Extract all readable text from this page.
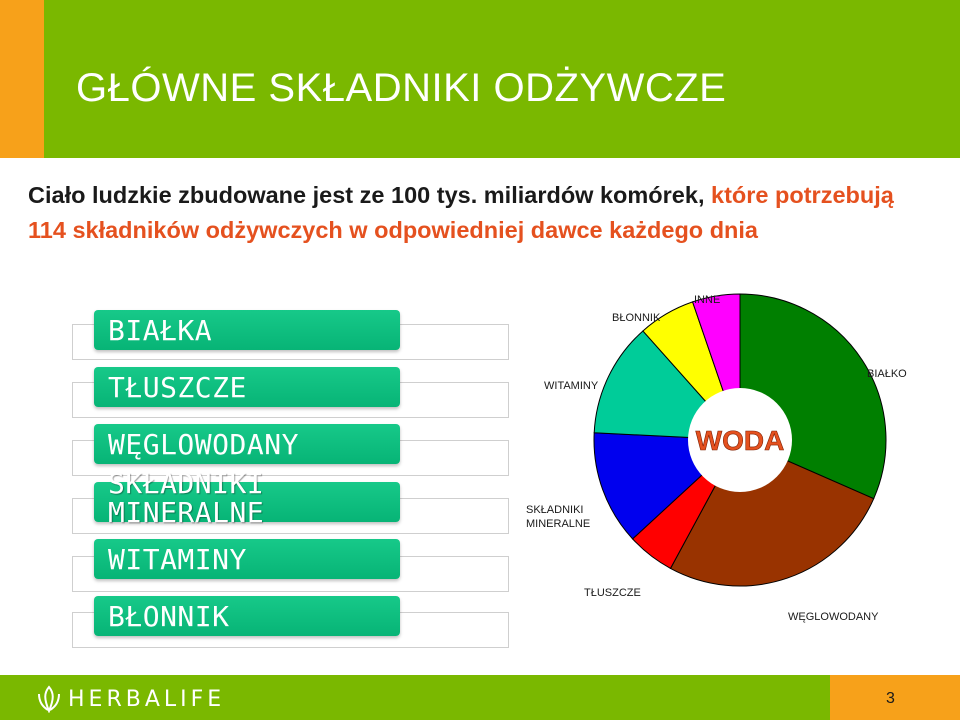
GŁÓWNE SKŁADNIKI ODŻYWCZE

Ciało ludzkie zbudowane jest ze 100 tys. miliardów komórek, które potrzebują 114 składników odżywczych w odpowiedniej dawce każdego dnia

BIAŁKA
TŁUSZCZE
WĘGLOWODANY
SKŁADNIKI MINERALNE
WITAMINY
BŁONNIK
WODA
BIAŁKO
WĘGLOWODANY
TŁUSZCZE
SKŁADNIKI MINERALNE
WITAMINY
BŁONNIK
INNE
HERBALIFE	3
